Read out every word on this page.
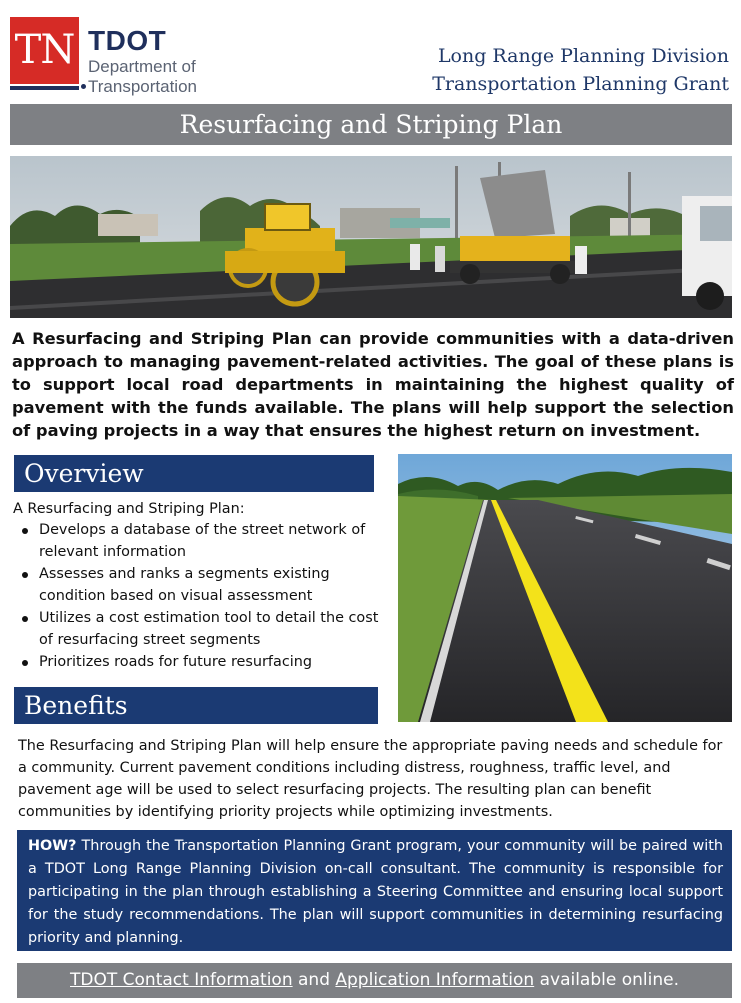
TN TDOT
Department of
Transportation
Long Range Planning Division
Transportation Planning Grant
Resurfacing and Striping Plan

A Resurfacing and Striping Plan can provide communities with a data-driven approach to managing pavement-related activities. The goal of these plans is to support local road departments in maintaining the highest quality of pavement with the funds available. The plans will help support the selection of paving projects in a way that ensures the highest return on investment.

Overview
A Resurfacing and Striping Plan:
Develops a database of the street network of relevant information
Assesses and ranks a segments existing condition based on visual assessment
Utilizes a cost estimation tool to detail the cost of resurfacing street segments
Prioritizes roads for future resurfacing
Benefits

The Resurfacing and Striping Plan will help ensure the appropriate paving needs and schedule for a community. Current pavement conditions including distress, roughness, traffic level, and pavement age will be used to select resurfacing projects. The resulting plan can benefit communities by identifying priority projects while optimizing investments.

HOW? Through the Transportation Planning Grant program, your community will be paired with a TDOT Long Range Planning Division on-call consultant. The community is responsible for participating in the plan through establishing a Steering Committee and ensuring local support for the study recommendations. The plan will support communities in determining resurfacing priority and planning.

TDOT Contact Information and Application Information available online.
